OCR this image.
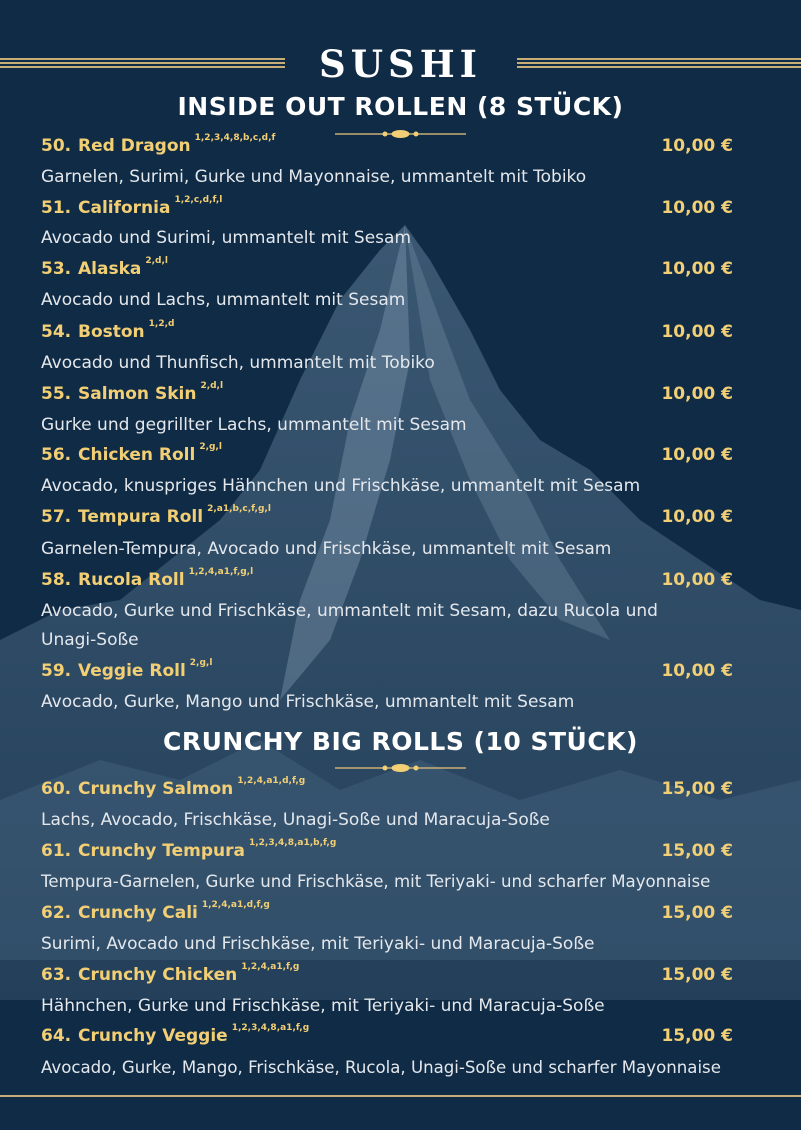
SUSHI
INSIDE OUT ROLLEN (8 STÜCK)
50. Red Dragon $^{1,2,3,4,8,b,c,d,f}$	10,00 €
Garnelen, Surimi, Gurke und Mayonnaise, ummantelt mit Tobiko
51. California $^{1,2,c,d,f,l}$	10,00 €
Avocado und Surimi, ummantelt mit Sesam
53. Alaska $^{2,d,l}$	10,00 €
Avocado und Lachs, ummantelt mit Sesam
54. Boston $^{1,2,d}$	10,00 €
Avocado und Thunfisch, ummantelt mit Tobiko
55. Salmon Skin $^{2,d,l}$	10,00 €
Gurke und gegrillter Lachs, ummantelt mit Sesam
56. Chicken Roll $^{2,g,l}$	10,00 €
Avocado, knuspriges Hähnchen und Frischkäse, ummantelt mit Sesam
57. Tempura Roll $^{2,a1,b,c,f,g,l}$	10,00 €
Garnelen-Tempura, Avocado und Frischkäse, ummantelt mit Sesam
58. Rucola Roll $^{1,2,4,a1,f,g,l}$	10,00 €
Avocado, Gurke und Frischkäse, ummantelt mit Sesam, dazu Rucola und
Unagi-Soße
59. Veggie Roll $^{2,g,l}$	10,00 €
Avocado, Gurke, Mango und Frischkäse, ummantelt mit Sesam
CRUNCHY BIG ROLLS (10 STÜCK)
60. Crunchy Salmon $^{1,2,4,a1,d,f,g}$	15,00 €
Lachs, Avocado, Frischkäse, Unagi-Soße und Maracuja-Soße
61. Crunchy Tempura $^{1,2,3,4,8,a1,b,f,g}$	15,00 €
Tempura-Garnelen, Gurke und Frischkäse, mit Teriyaki- und scharfer Mayonnaise
62. Crunchy Cali $^{1,2,4,a1,d,f,g}$	15,00 €
Surimi, Avocado und Frischkäse, mit Teriyaki- und Maracuja-Soße
63. Crunchy Chicken $^{1,2,4,a1,f,g}$	15,00 €
Hähnchen, Gurke und Frischkäse, mit Teriyaki- und Maracuja-Soße
64. Crunchy Veggie $^{1,2,3,4,8,a1,f,g}$	15,00 €
Avocado, Gurke, Mango, Frischkäse, Rucola, Unagi-Soße und scharfer Mayonnaise
